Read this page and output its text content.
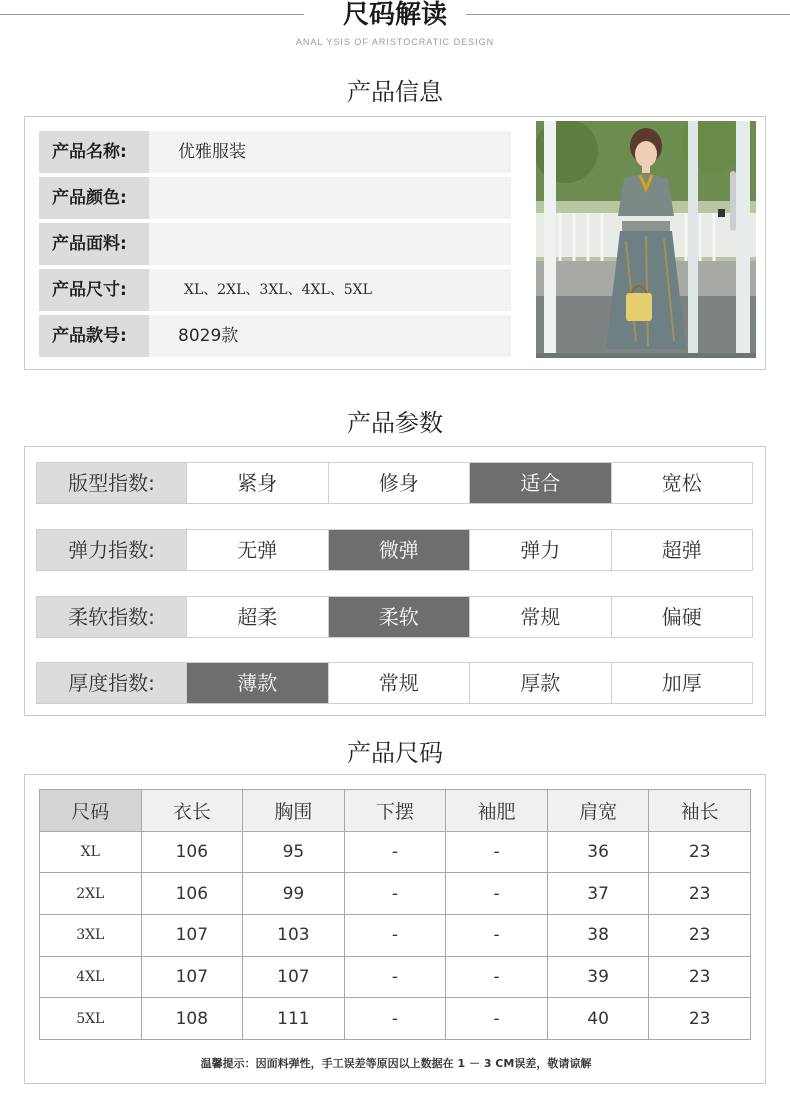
尺码解读
ANAL YSIS OF ARISTOCRATIC DESIGN
产品信息
产品名称:	优雅服装
产品颜色:
产品面料:
产品尺寸:	XL、2XL、3XL、4XL、5XL
产品款号:	8029款
产品参数
版型指数:	紧身	修身	适合	宽松
弹力指数:	无弹	微弹	弹力	超弹
柔软指数:	超柔	柔软	常规	偏硬
厚度指数:	薄款	常规	厚款	加厚
产品尺码
尺码	衣长	胸围	下摆	袖肥	肩宽	袖长
XL	106	95	-	-	36	23
2XL	106	99	-	-	37	23
3XL	107	103	-	-	38	23
4XL	107	107	-	-	39	23
5XL	108	111	-	-	40	23
温馨提示：因面料弹性，手工误差等原因以上数据在 1 － 3 CM误差，敬请谅解
